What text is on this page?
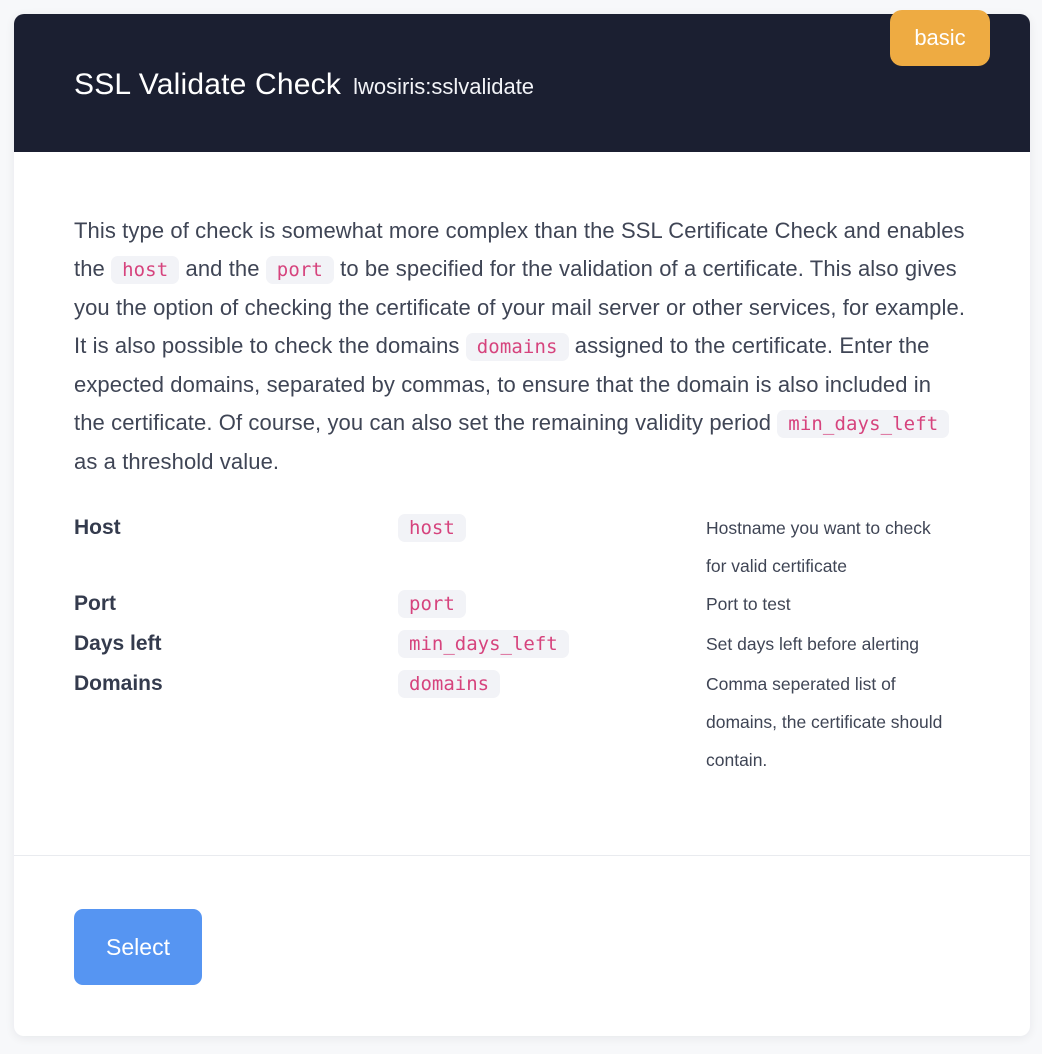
basic
SSL Validate Check lwosiris:sslvalidate

This type of check is somewhat more complex than the SSL Certificate Check and enables the host and the port to be specified for the validation of a certificate. This also gives you the option of checking the certificate of your mail server or other services, for example. It is also possible to check the domains domains assigned to the certificate. Enter the expected domains, separated by commas, to ensure that the domain is also included in the certificate. Of course, you can also set the remaining validity period min_days_left as a threshold value.

Host	host	Hostname you want to check for valid certificate
Port	port	Port to test
Days left	min_days_left	Set days left before alerting
Domains	domains	Comma seperated list of domains, the certificate should contain.
Select
